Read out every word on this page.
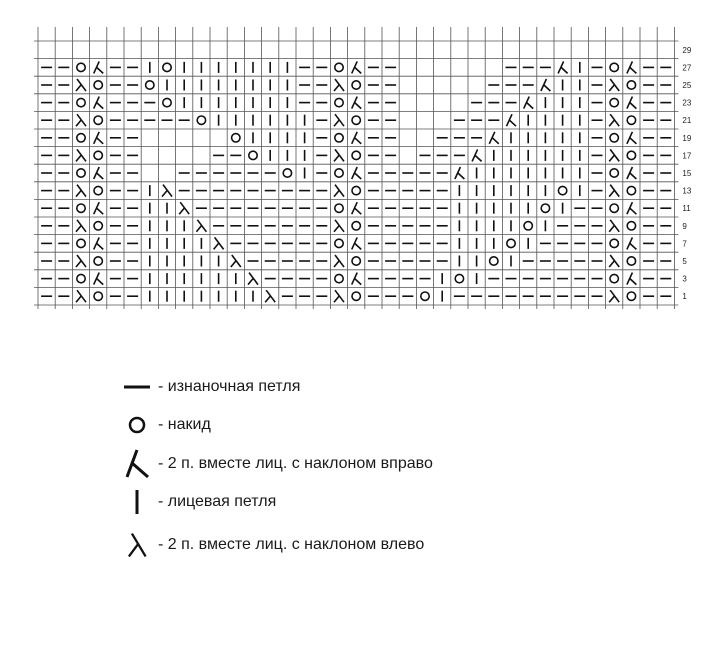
1
3
5
7
9
11
13
15
17
19
21
23
25
27
29
- изнаночная петля
- накид
- 2 п. вместе лиц. с наклоном вправо
- лицевая петля
- 2 п. вместе лиц. с наклоном влево
